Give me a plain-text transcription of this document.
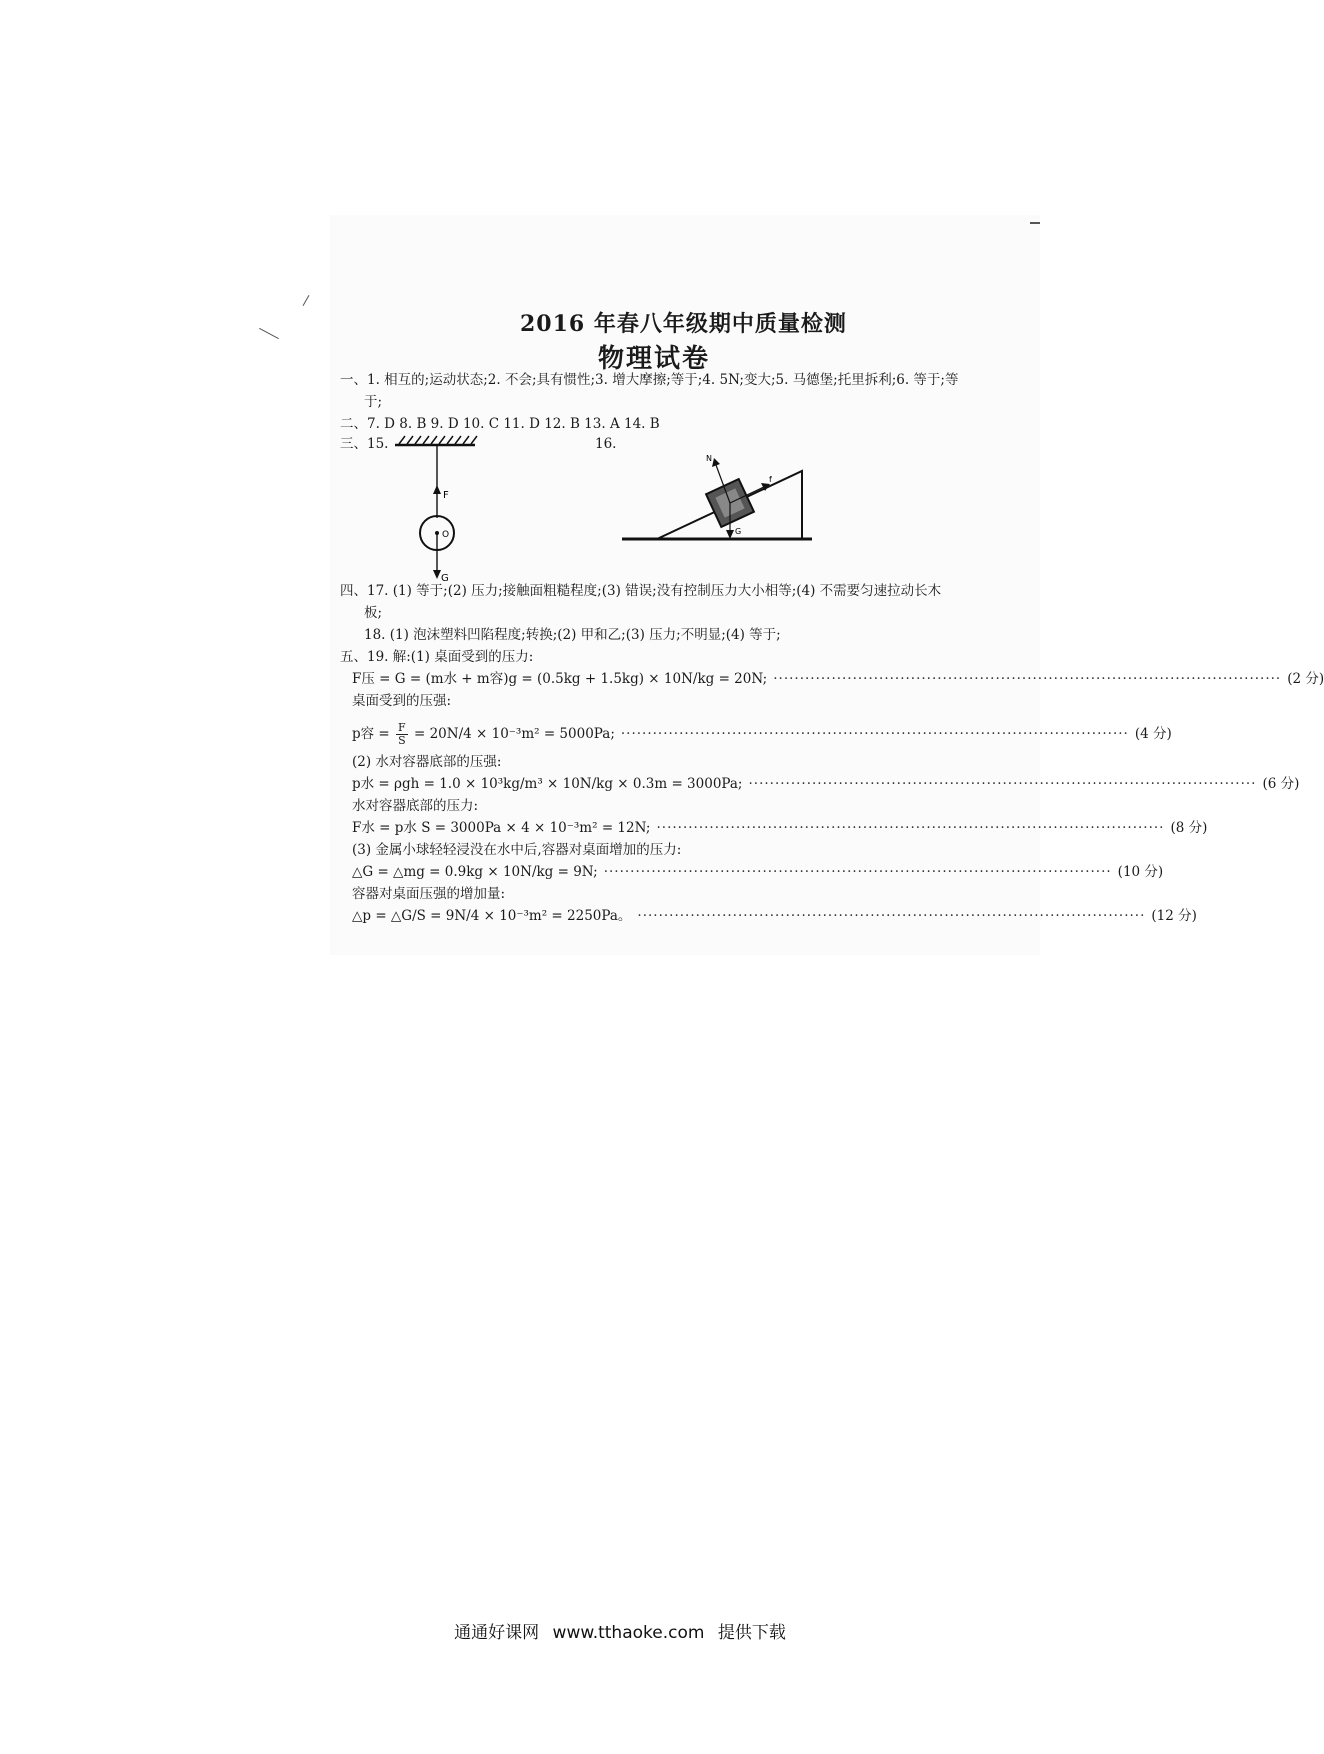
2016 年春八年级期中质量检测
物理试卷
一、1. 相互的;运动状态;2. 不会;具有惯性;3. 增大摩擦;等于;4. 5N;变大;5. 马德堡;托里拆利;6. 等于;等
于;
二、7. D 8. B 9. D 10. C 11. D 12. B 13. A 14. B
三、15.	16.
F
O
G
N
f
G
四、17. (1) 等于;(2) 压力;接触面粗糙程度;(3) 错误;没有控制压力大小相等;(4) 不需要匀速拉动长木
板;
18. (1) 泡沫塑料凹陷程度;转换;(2) 甲和乙;(3) 压力;不明显;(4) 等于;
五、19. 解:(1) 桌面受到的压力:
F压 = G = (m水 + m容)g = (0.5kg + 1.5kg) × 10N/kg = 20N; ································································································ (2 分)
桌面受到的压强:
p容 = $\frac{F}{S} = 20N/4 \times 10^{-3}m^2 = 5000Pa$; ································································································ (4 分)
(2) 水对容器底部的压强:
p水 = ρgh = 1.0 × 10³kg/m³ × 10N/kg × 0.3m = 3000Pa; ································································································ (6 分)
水对容器底部的压力:
F水 = p水 S = 3000Pa × 4 × 10⁻³m² = 12N; ································································································ (8 分)
(3) 金属小球轻轻浸没在水中后,容器对桌面增加的压力:
△G = △mg = 0.9kg × 10N/kg = 9N; ································································································ (10 分)
容器对桌面压强的增加量:
△p = △G/S = 9N/4 × 10⁻³m² = 2250Pa。 ································································································ (12 分)
通通好课网 www.tthaoke.com 提供下载
